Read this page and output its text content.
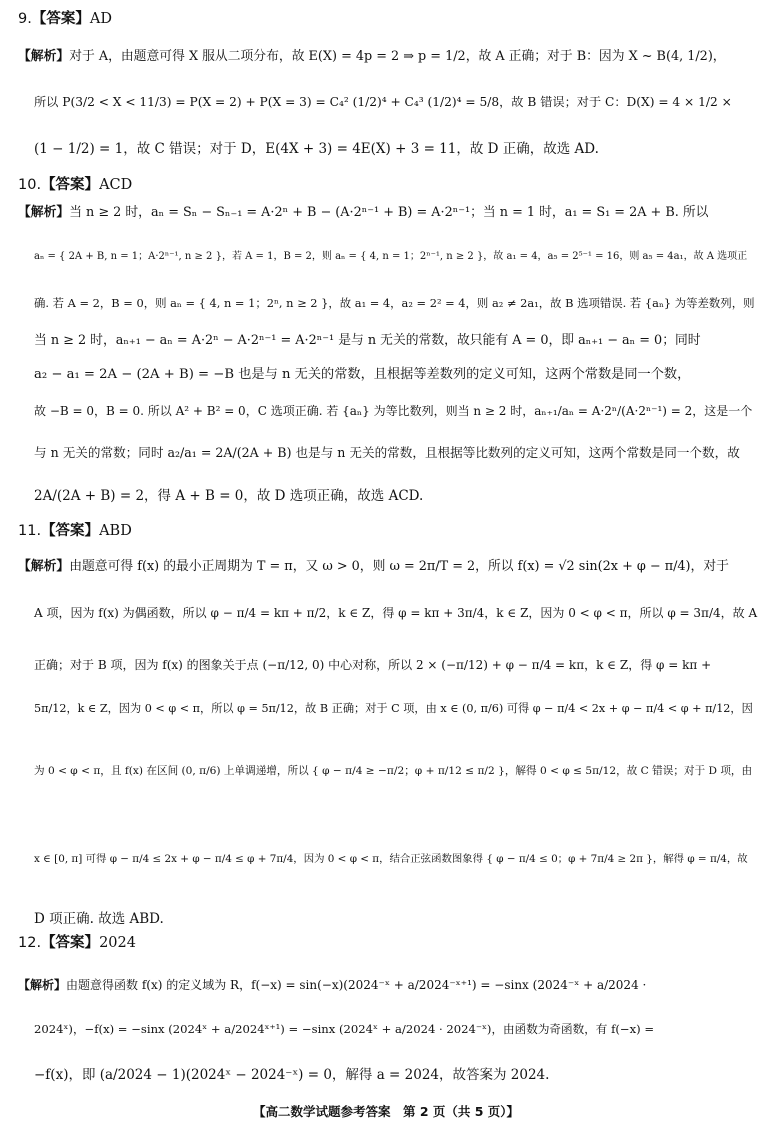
9.【答案】AD
【解析】对于 A，由题意可得 X 服从二项分布，故 E(X) = 4p = 2 ⇒ p = 1/2，故 A 正确；对于 B：因为 X ~ B(4, 1/2)，
所以 P(3/2 < X < 11/3) = P(X = 2) + P(X = 3) = C₄² (1/2)⁴ + C₄³ (1/2)⁴ = 5/8，故 B 错误；对于 C：D(X) = 4 × 1/2 ×
(1 − 1/2) = 1，故 C 错误；对于 D，E(4X + 3) = 4E(X) + 3 = 11，故 D 正确，故选 AD.
10.【答案】ACD
【解析】当 n ≥ 2 时，aₙ = Sₙ − Sₙ₋₁ = A·2ⁿ + B − (A·2ⁿ⁻¹ + B) = A·2ⁿ⁻¹；当 n = 1 时，a₁ = S₁ = 2A + B. 所以
aₙ = { 2A + B, n = 1；A·2ⁿ⁻¹, n ≥ 2 }，若 A = 1，B = 2，则 aₙ = { 4, n = 1；2ⁿ⁻¹, n ≥ 2 }，故 a₁ = 4，a₅ = 2⁵⁻¹ = 16，则 a₅ = 4a₁，故 A 选项正
确. 若 A = 2，B = 0，则 aₙ = { 4, n = 1；2ⁿ, n ≥ 2 }，故 a₁ = 4，a₂ = 2² = 4，则 a₂ ≠ 2a₁，故 B 选项错误. 若 {aₙ} 为等差数列，则
当 n ≥ 2 时，aₙ₊₁ − aₙ = A·2ⁿ − A·2ⁿ⁻¹ = A·2ⁿ⁻¹ 是与 n 无关的常数，故只能有 A = 0，即 aₙ₊₁ − aₙ = 0；同时
a₂ − a₁ = 2A − (2A + B) = −B 也是与 n 无关的常数，且根据等差数列的定义可知，这两个常数是同一个数，
故 −B = 0，B = 0. 所以 A² + B² = 0，C 选项正确. 若 {aₙ} 为等比数列，则当 n ≥ 2 时，aₙ₊₁/aₙ = A·2ⁿ/(A·2ⁿ⁻¹) = 2，这是一个
与 n 无关的常数；同时 a₂/a₁ = 2A/(2A + B) 也是与 n 无关的常数，且根据等比数列的定义可知，这两个常数是同一个数，故
2A/(2A + B) = 2，得 A + B = 0，故 D 选项正确，故选 ACD.
11.【答案】ABD
【解析】由题意可得 f(x) 的最小正周期为 T = π，又 ω > 0，则 ω = 2π/T = 2，所以 f(x) = √2 sin(2x + φ − π/4)，对于
A 项，因为 f(x) 为偶函数，所以 φ − π/4 = kπ + π/2，k ∈ Z，得 φ = kπ + 3π/4，k ∈ Z，因为 0 < φ < π，所以 φ = 3π/4，故 A
正确；对于 B 项，因为 f(x) 的图象关于点 (−π/12, 0) 中心对称，所以 2 × (−π/12) + φ − π/4 = kπ，k ∈ Z，得 φ = kπ +
5π/12，k ∈ Z，因为 0 < φ < π，所以 φ = 5π/12，故 B 正确；对于 C 项，由 x ∈ (0, π/6) 可得 φ − π/4 < 2x + φ − π/4 < φ + π/12，因
为 0 < φ < π，且 f(x) 在区间 (0, π/6) 上单调递增，所以 { φ − π/4 ≥ −π/2；φ + π/12 ≤ π/2 }，解得 0 < φ ≤ 5π/12，故 C 错误；对于 D 项，由
x ∈ [0, π] 可得 φ − π/4 ≤ 2x + φ − π/4 ≤ φ + 7π/4，因为 0 < φ < π，结合正弦函数图象得 { φ − π/4 ≤ 0；φ + 7π/4 ≥ 2π }，解得 φ = π/4，故
D 项正确. 故选 ABD.
12.【答案】2024
【解析】由题意得函数 f(x) 的定义域为 R，f(−x) = sin(−x)(2024⁻ˣ + a/2024⁻ˣ⁺¹) = −sinx (2024⁻ˣ + a/2024 ·
2024ˣ)，−f(x) = −sinx (2024ˣ + a/2024ˣ⁺¹) = −sinx (2024ˣ + a/2024 · 2024⁻ˣ)，由函数为奇函数，有 f(−x) =
−f(x)，即 (a/2024 − 1)(2024ˣ − 2024⁻ˣ) = 0，解得 a = 2024，故答案为 2024.
【高二数学试题参考答案　第 2 页（共 5 页）】
